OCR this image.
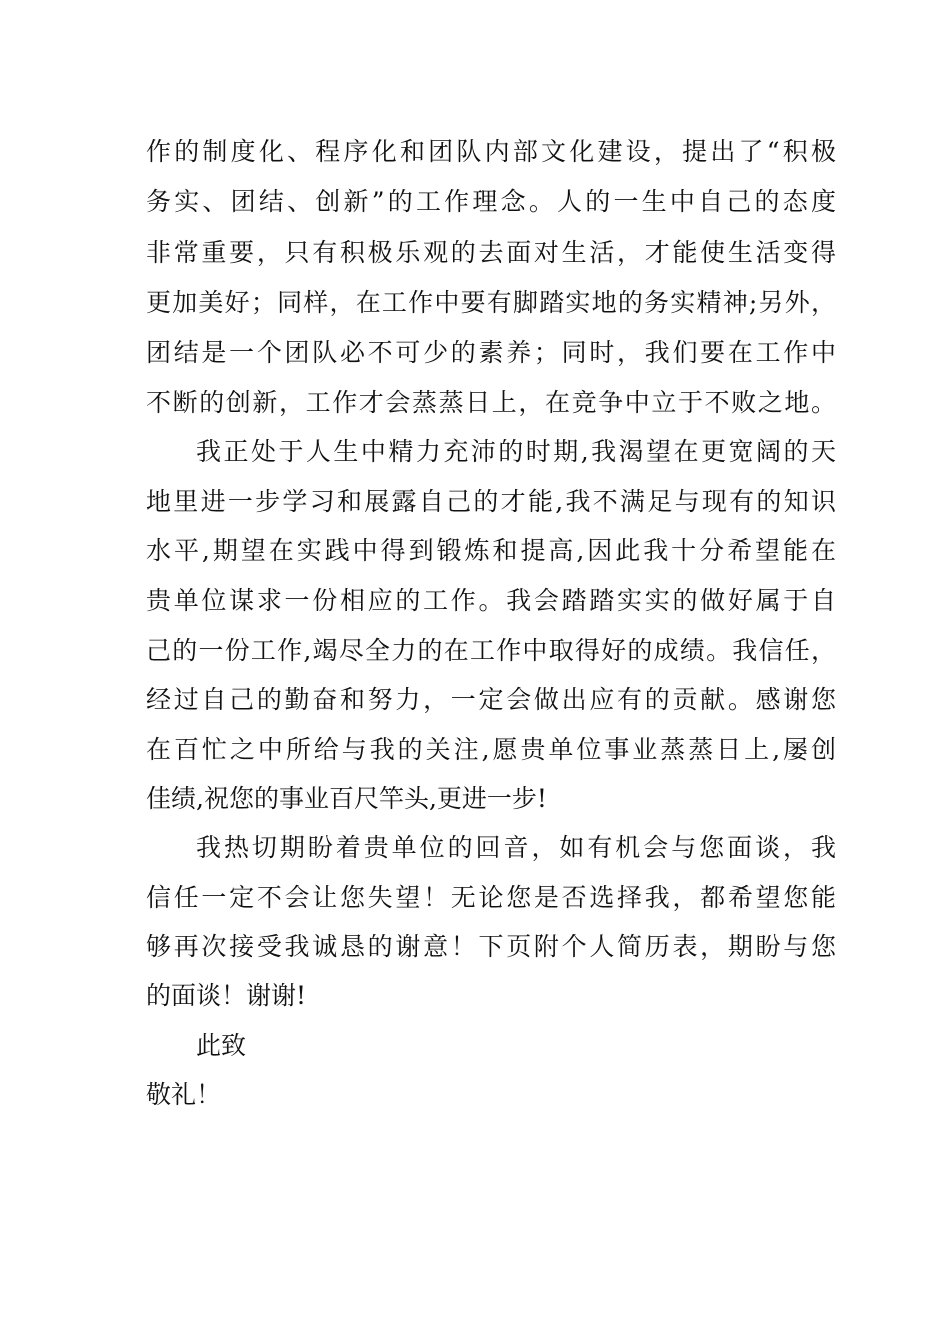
作的制度化、程序化和团队内部文化建设，提出了“积极
务实、团结、创新”的工作理念。人的一生中自己的态度
非常重要，只有积极乐观的去面对生活，才能使生活变得
更加美好；同样，在工作中要有脚踏实地的务实精神;另外，
团结是一个团队必不可少的素养；同时，我们要在工作中
不断的创新，工作才会蒸蒸日上，在竞争中立于不败之地。
我正处于人生中精力充沛的时期,我渴望在更宽阔的天
地里进一步学习和展露自己的才能,我不满足与现有的知识
水平,期望在实践中得到锻炼和提高,因此我十分希望能在
贵单位谋求一份相应的工作。我会踏踏实实的做好属于自
己的一份工作,竭尽全力的在工作中取得好的成绩。我信任，
经过自己的勤奋和努力，一定会做出应有的贡献。感谢您
在百忙之中所给与我的关注,愿贵单位事业蒸蒸日上,屡创
佳绩,祝您的事业百尺竿头,更进一步!
我热切期盼着贵单位的回音，如有机会与您面谈，我
信任一定不会让您失望！无论您是否选择我，都希望您能
够再次接受我诚恳的谢意！下页附个人简历表，期盼与您
的面谈！谢谢!
此致
敬礼！
